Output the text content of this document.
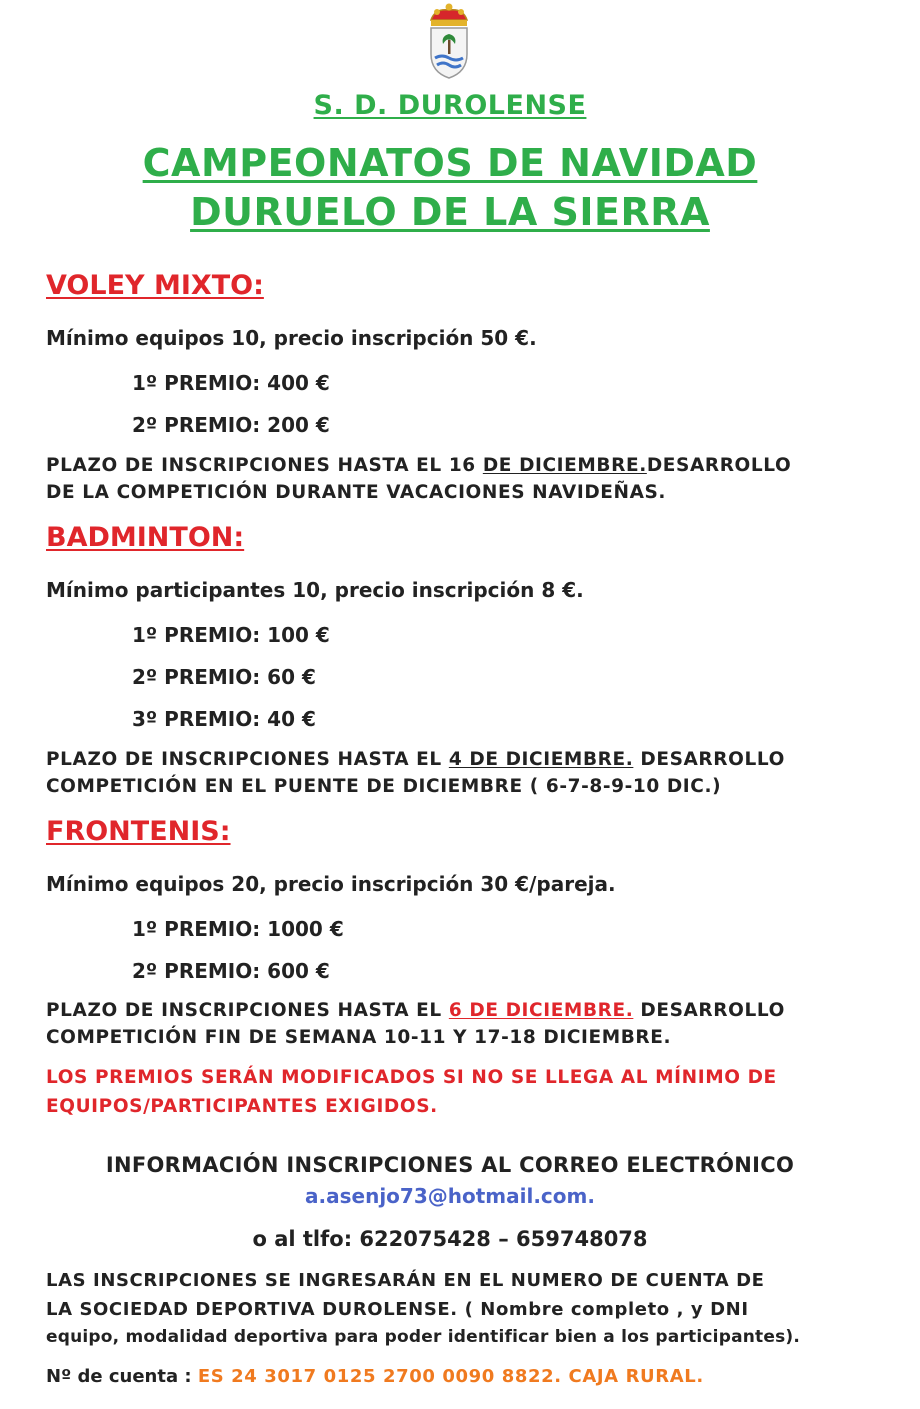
S. D. DUROLENSE
CAMPEONATOS DE NAVIDAD
DURUELO DE LA SIERRA
VOLEY MIXTO:
Mínimo equipos 10, precio inscripción 50 €.
1º PREMIO: 400 €
2º PREMIO: 200 €
PLAZO DE INSCRIPCIONES HASTA EL 16 DE DICIEMBRE.DESARROLLO
DE LA COMPETICIÓN DURANTE VACACIONES NAVIDEÑAS.
BADMINTON:
Mínimo participantes 10, precio inscripción 8 €.
1º PREMIO: 100 €
2º PREMIO: 60 €
3º PREMIO: 40 €
PLAZO DE INSCRIPCIONES HASTA EL 4 DE DICIEMBRE. DESARROLLO
COMPETICIÓN EN EL PUENTE DE DICIEMBRE ( 6-7-8-9-10 DIC.)
FRONTENIS:
Mínimo equipos 20, precio inscripción 30 €/pareja.
1º PREMIO: 1000 €
2º PREMIO: 600 €
PLAZO DE INSCRIPCIONES HASTA EL 6 DE DICIEMBRE. DESARROLLO
COMPETICIÓN FIN DE SEMANA 10-11 Y 17-18 DICIEMBRE.
LOS PREMIOS SERÁN MODIFICADOS SI NO SE LLEGA AL MÍNIMO DE
EQUIPOS/PARTICIPANTES EXIGIDOS.
INFORMACIÓN INSCRIPCIONES AL CORREO ELECTRÓNICO
a.asenjo73@hotmail.com.
o al tlfo: 622075428 – 659748078
LAS INSCRIPCIONES SE INGRESARÁN EN EL NUMERO DE CUENTA DE
LA SOCIEDAD DEPORTIVA DUROLENSE. ( Nombre completo , y DNI
equipo, modalidad deportiva para poder identificar bien a los participantes).
Nº de cuenta : ES 24 3017 0125 2700 0090 8822. CAJA RURAL.
